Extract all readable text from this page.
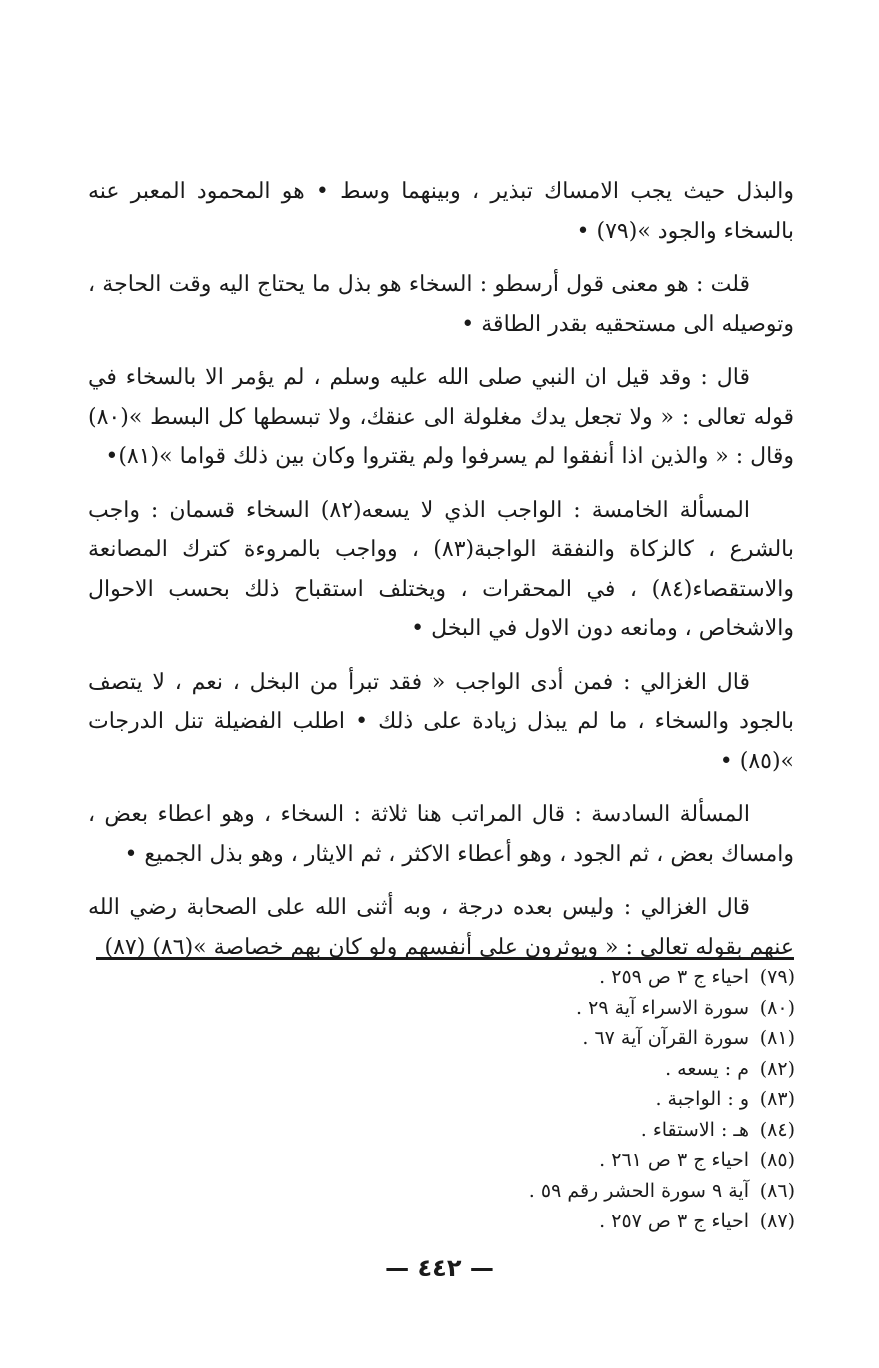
والبذل حيث يجب الامساك تبذير ، وبينهما وسط • هو المحمود المعبر عنه بالسخاء والجود »(٧٩) •

قلت : هو معنى قول أرسطو : السخاء هو بذل ما يحتاج اليه وقت الحاجة ، وتوصيله الى مستحقيه بقدر الطاقة •

قال : وقد قيل ان النبي صلى الله عليه وسلم ، لم يؤمر الا بالسخاء في قوله تعالى : « ولا تجعل يدك مغلولة الى عنقك، ولا تبسطها كل البسط »(٨٠) وقال : « والذين اذا أنفقوا لم يسرفوا ولم يقتروا وكان بين ذلك قواما »(٨١)•

المسألة الخامسة : الواجب الذي لا يسعه(٨٢) السخاء قسمان : واجب بالشرع ، كالزكاة والنفقة الواجبة(٨٣) ، وواجب بالمروءة كترك المصانعة والاستقصاء(٨٤) ، في المحقرات ، ويختلف استقباح ذلك بحسب الاحوال والاشخاص ، ومانعه دون الاول في البخل •

قال الغزالي : فمن أدى الواجب « فقد تبرأ من البخل ، نعم ، لا يتصف بالجود والسخاء ، ما لم يبذل زيادة على ذلك • اطلب الفضيلة تنل الدرجات »(٨٥) •

المسألة السادسة : قال المراتب هنا ثلاثة : السخاء ، وهو اعطاء بعض ، وامساك بعض ، ثم الجود ، وهو أعطاء الاكثر ، ثم الايثار ، وهو بذل الجميع •

قال الغزالي : وليس بعده درجة ، وبه أثنى الله على الصحابة رضي الله عنهم بقوله تعالى : « ويوثرون على أنفسهم ولو كان بهم خصاصة »(٨٦) (٨٧)

(٧٩)
احياء ج ٣ ص ٢٥٩ .
(٨٠)
سورة الاسراء آية ٢٩ .
(٨١)
سورة القرآن آية ٦٧ .
(٨٢)
م : يسعه .
(٨٣)
و : الواجبة .
(٨٤)
هـ : الاستقاء .
(٨٥)
احياء ج ٣ ص ٢٦١ .
(٨٦)
آية ٩ سورة الحشر رقم ٥٩ .
(٨٧)
احياء ج ٣ ص ٢٥٧ .
— ٤٤٢ —
